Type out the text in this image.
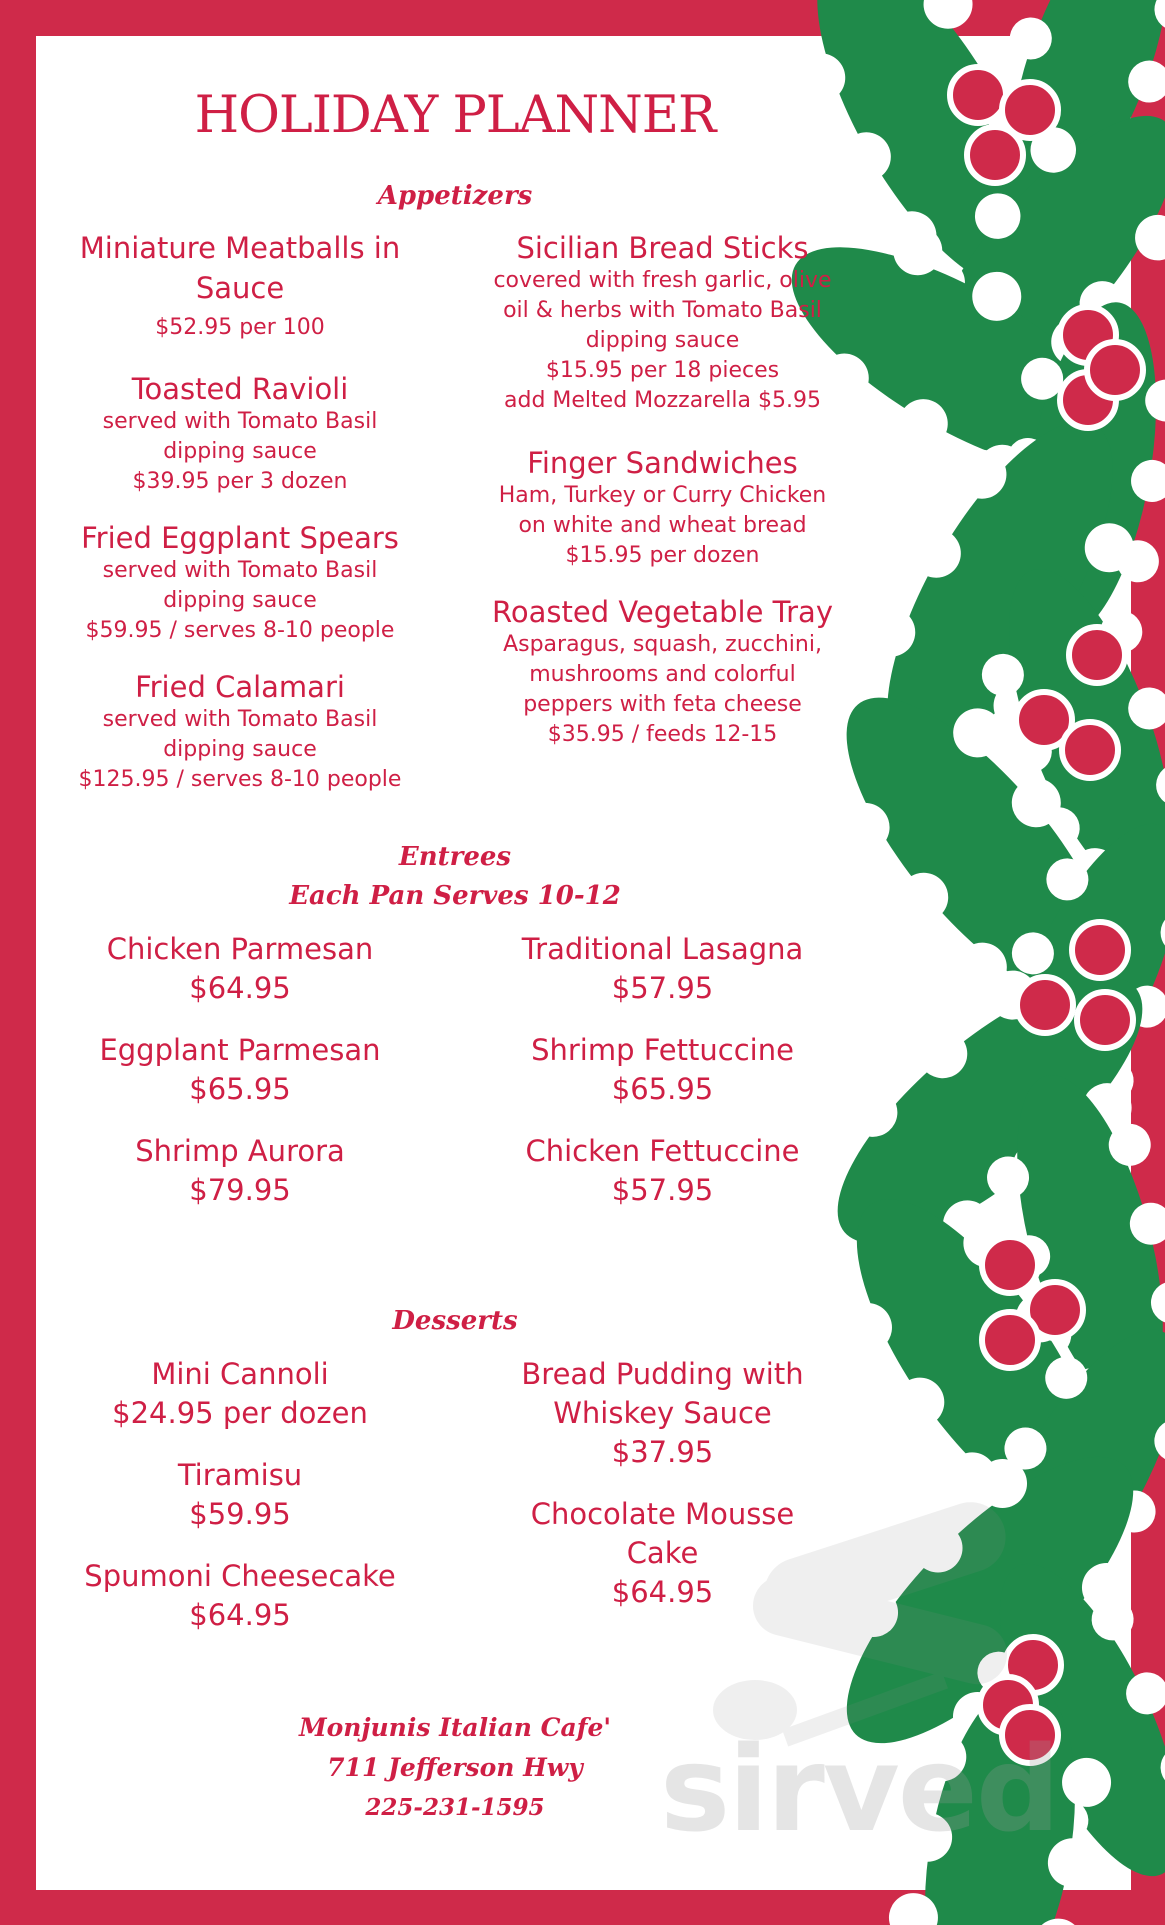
sirved
HOLIDAY PLANNER
Appetizers
Miniature Meatballs in Sauce
$52.95 per 100
Toasted Ravioli
served with Tomato Basil
dipping sauce
$39.95 per 3 dozen
Fried Eggplant Spears
served with Tomato Basil
dipping sauce
$59.95 / serves 8-10 people
Fried Calamari
served with Tomato Basil
dipping sauce
$125.95 / serves 8-10 people
Sicilian Bread Sticks
covered with fresh garlic, olive
oil & herbs with Tomato Basil
dipping sauce
$15.95 per 18 pieces
add Melted Mozzarella $5.95
Finger Sandwiches
Ham, Turkey or Curry Chicken
on white and wheat bread
$15.95 per dozen
Roasted Vegetable Tray
Asparagus, squash, zucchini,
mushrooms and colorful
peppers with feta cheese
$35.95 / feeds 12-15
Entrees
Each Pan Serves 10-12
Chicken Parmesan
$64.95
Eggplant Parmesan
$65.95
Shrimp Aurora
$79.95
Traditional Lasagna
$57.95
Shrimp Fettuccine
$65.95
Chicken Fettuccine
$57.95
Desserts
Mini Cannoli
$24.95 per dozen
Tiramisu
$59.95
Spumoni Cheesecake
$64.95
Bread Pudding with
Whiskey Sauce
$37.95
Chocolate Mousse
Cake
$64.95
Monjunis Italian Cafe'
711 Jefferson Hwy
225-231-1595
